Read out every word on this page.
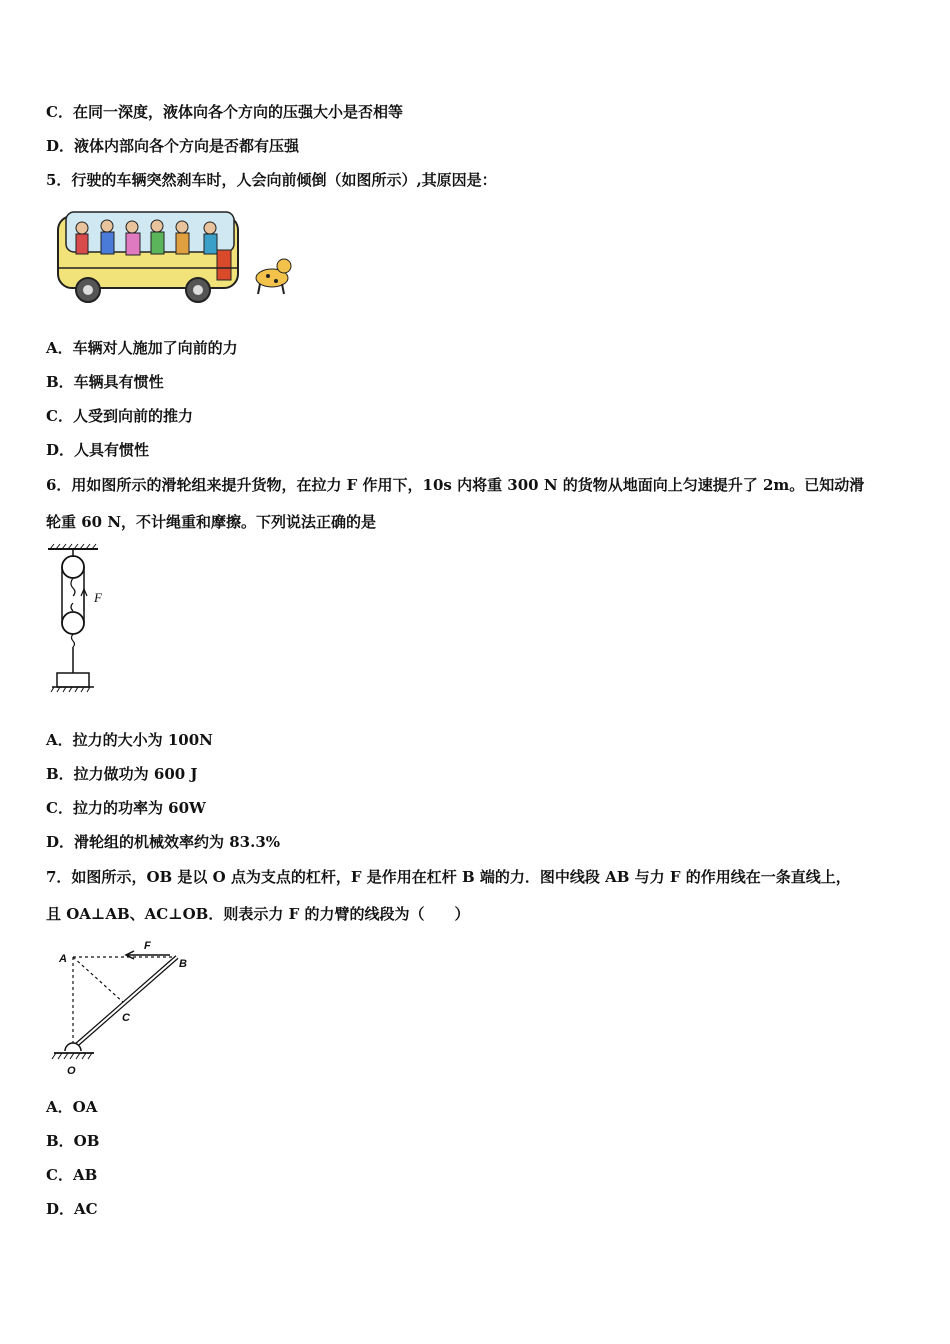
C．在同一深度，液体向各个方向的压强大小是否相等
D．液体内部向各个方向是否都有压强
5．行驶的车辆突然刹车时，人会向前倾倒（如图所示）,其原因是：
A．车辆对人施加了向前的力
B．车辆具有惯性
C．人受到向前的推力
D．人具有惯性
6．用如图所示的滑轮组来提升货物，在拉力 F 作用下，10s 内将重 300 N 的货物从地面向上匀速提升了 2m。已知动滑
轮重 60 N，不计绳重和摩擦。下列说法正确的是
F
A．拉力的大小为 100N
B．拉力做功为 600 J
C．拉力的功率为 60W
D．滑轮组的机械效率约为 83.3%
7．如图所示，OB 是以 O 点为支点的杠杆，F 是作用在杠杆 B 端的力．图中线段 AB 与力 F 的作用线在一条直线上，
且 OA⊥AB、AC⊥OB．则表示力 F 的力臂的线段为（　　）
A	B
C
O
F
A．OA
B．OB
C．AB
D．AC
